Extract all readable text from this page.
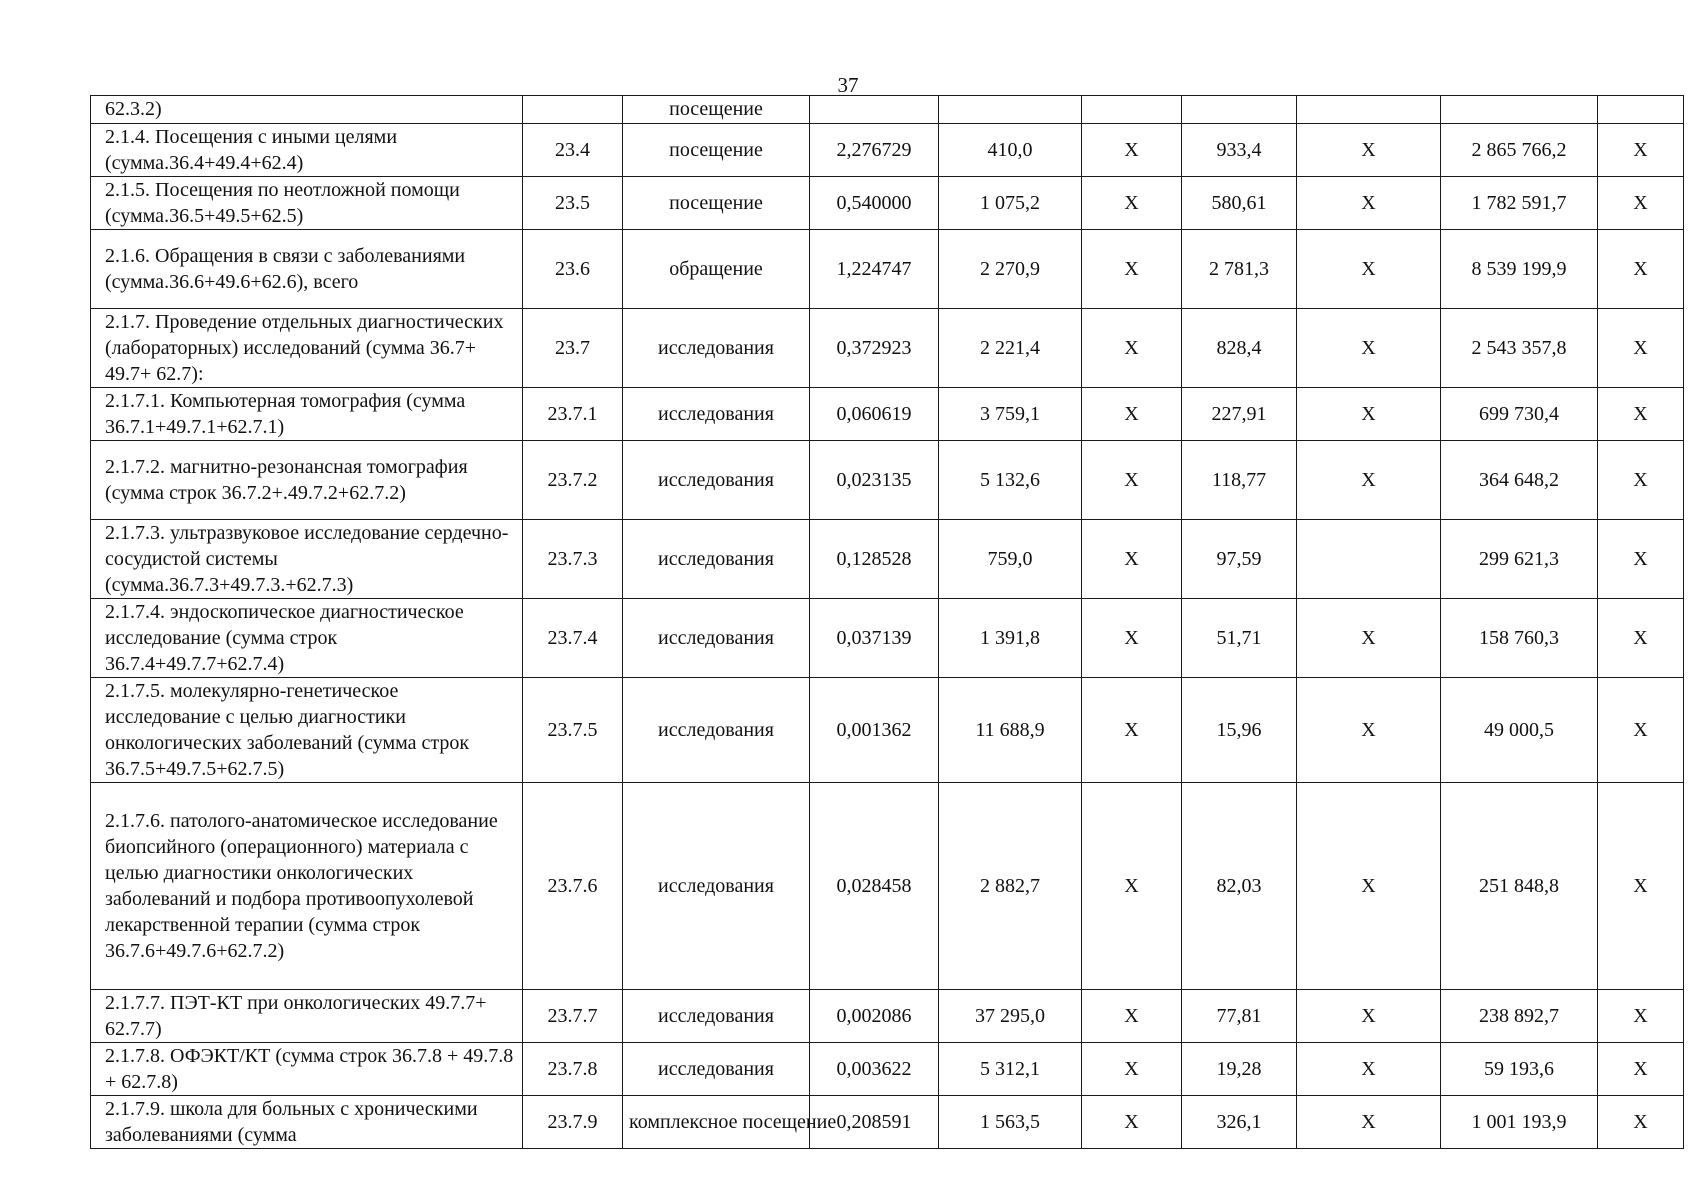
37
62.3.2)		посещение							
2.1.4. Посещения с иными целями (сумма.36.4+49.4+62.4)	23.4	посещение	2,276729	410,0	X	933,4	X	2 865 766,2	X
2.1.5. Посещения по неотложной помощи (сумма.36.5+49.5+62.5)	23.5	посещение	0,540000	1 075,2	X	580,61	X	1 782 591,7	X
2.1.6. Обращения в связи с заболеваниями (сумма.36.6+49.6+62.6), всего	23.6	обращение	1,224747	2 270,9	X	2 781,3	X	8 539 199,9	X
2.1.7. Проведение отдельных диагностических (лабораторных) исследований (сумма 36.7+ 49.7+ 62.7):	23.7	исследования	0,372923	2 221,4	X	828,4	X	2 543 357,8	X
2.1.7.1. Компьютерная томография (сумма 36.7.1+49.7.1+62.7.1)	23.7.1	исследования	0,060619	3 759,1	X	227,91	X	699 730,4	X
2.1.7.2. магнитно-резонансная томография (сумма строк 36.7.2+.49.7.2+62.7.2)	23.7.2	исследования	0,023135	5 132,6	X	118,77	X	364 648,2	X
2.1.7.3. ультразвуковое исследование сердечно-сосудистой системы (сумма.36.7.3+49.7.3.+62.7.3)	23.7.3	исследования	0,128528	759,0	X	97,59		299 621,3	X
2.1.7.4. эндоскопическое диагностическое исследование (сумма строк 36.7.4+49.7.7+62.7.4)	23.7.4	исследования	0,037139	1 391,8	X	51,71	X	158 760,3	X
2.1.7.5. молекулярно-генетическое исследование с целью диагностики онкологических заболеваний (сумма строк 36.7.5+49.7.5+62.7.5)	23.7.5	исследования	0,001362	11 688,9	X	15,96	X	49 000,5	X
2.1.7.6. патолого-анатомическое исследование биопсийного (операционного) материала с целью диагностики онкологических заболеваний и подбора противоопухолевой лекарственной терапии (сумма строк 36.7.6+49.7.6+62.7.2)	23.7.6	исследования	0,028458	2 882,7	X	82,03	X	251 848,8	X
2.1.7.7. ПЭТ-КТ при онкологических 49.7.7+ 62.7.7)	23.7.7	исследования	0,002086	37 295,0	X	77,81	X	238 892,7	X
2.1.7.8. ОФЭКТ/КТ (сумма строк 36.7.8 + 49.7.8 + 62.7.8)	23.7.8	исследования	0,003622	5 312,1	X	19,28	X	59 193,6	X
2.1.7.9. школа для больных с хроническими заболеваниями (сумма	23.7.9	комплексное посещение	0,208591	1 563,5	X	326,1	X	1 001 193,9	X
